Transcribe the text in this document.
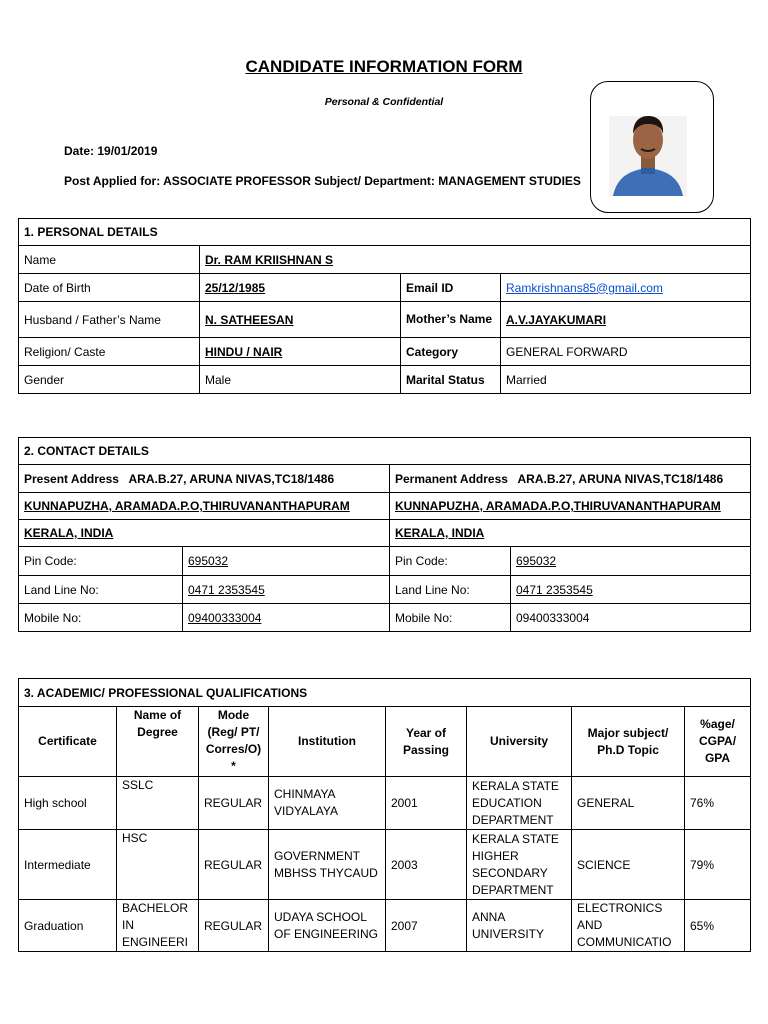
CANDIDATE INFORMATION FORM
Personal & Confidential
Date: 19/01/2019
Post Applied for: ASSOCIATE PROFESSOR Subject/ Department: MANAGEMENT STUDIES
1. PERSONAL DETAILS			
Name	Dr. RAM KRIISHNAN S		
Date of Birth	25/12/1985	Email ID	Ramkrishnans85@gmail.com
Husband / Father’s Name	N. SATHEESAN	Mother’s Name	A.V.JAYAKUMARI
Religion/ Caste	HINDU / NAIR	Category	GENERAL FORWARD
Gender	Male	Marital Status	Married
2. CONTACT DETAILS			
Present Address ARA.B.27, ARUNA NIVAS,TC18/1486		Permanent Address ARA.B.27, ARUNA NIVAS,TC18/1486	
KUNNAPUZHA, ARAMADA.P.O,THIRUVANANTHAPURAM		KUNNAPUZHA, ARAMADA.P.O,THIRUVANANTHAPURAM	
KERALA, INDIA		KERALA, INDIA	
Pin Code:	695032	Pin Code:	695032
Land Line No:	0471 2353545	Land Line No:	0471 2353545
Mobile No:	09400333004	Mobile No:	09400333004
3. ACADEMIC/ PROFESSIONAL QUALIFICATIONS							
Certificate	Name of Degree	Mode (Reg/ PT/ Corres/O) *	Institution	Year of Passing	University	Major subject/ Ph.D Topic	%age/ CGPA/ GPA
High school	SSLC	REGULAR	CHINMAYA VIDYALAYA	2001	KERALA STATE EDUCATION DEPARTMENT	GENERAL	76%
Intermediate	HSC	REGULAR	GOVERNMENT MBHSS THYCAUD	2003	KERALA STATE HIGHER SECONDARY DEPARTMENT	SCIENCE	79%
Graduation	BACHELOR IN ENGINEERI	REGULAR	UDAYA SCHOOL OF ENGINEERING	2007	ANNA UNIVERSITY	ELECTRONICS AND COMMUNICATIO	65%
